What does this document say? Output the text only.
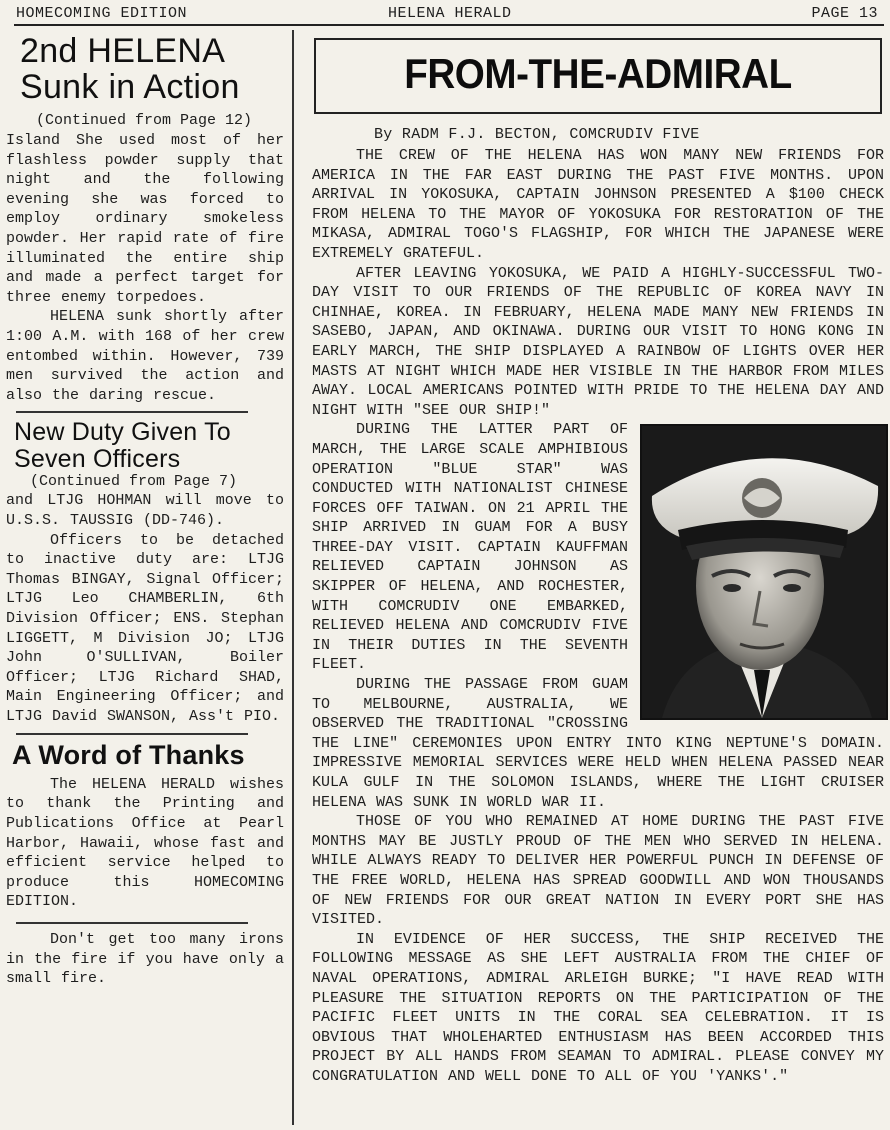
HOMECOMING EDITION	HELENA HERALD	PAGE 13
2nd HELENA
Sunk in Action
(Continued from Page 12)

Island She used most of her flashless powder supply that night and the following evening she was forced to employ ordinary smokeless powder. Her rapid rate of fire illuminated the entire ship and made a perfect target for three enemy torpedoes.

HELENA sunk shortly after 1:00 A.M. with 168 of her crew entombed within. However, 739 men survived the action and also the daring rescue.

New Duty Given To
Seven Officers
(Continued from Page 7)

and LTJG HOHMAN will move to U.S.S. TAUSSIG (DD-746).

Officers to be detached to inactive duty are: LTJG Thomas BINGAY, Signal Officer; LTJG Leo CHAMBERLIN, 6th Division Officer; ENS. Stephan LIGGETT, M Division JO; LTJG John O'SULLIVAN, Boiler Officer; LTJG Richard SHAD, Main Engineering Officer; and LTJG David SWANSON, Ass't PIO.

A Word of Thanks

The HELENA HERALD wishes to thank the Printing and Publications Office at Pearl Harbor, Hawaii, whose fast and efficient service helped to produce this HOMECOMING EDITION.

Don't get too many irons in the fire if you have only a small fire.

FROM-THE-ADMIRAL
By RADM F.J. BECTON, COMCRUDIV FIVE

THE CREW OF THE HELENA HAS WON MANY NEW FRIENDS FOR AMERICA IN THE FAR EAST DURING THE PAST FIVE MONTHS. UPON ARRIVAL IN YOKOSUKA, CAPTAIN JOHNSON PRESENTED A $100 CHECK FROM HELENA TO THE MAYOR OF YOKOSUKA FOR RESTORATION OF THE MIKASA, ADMIRAL TOGO'S FLAGSHIP, FOR WHICH THE JAPANESE WERE EXTREMELY GRATEFUL.

AFTER LEAVING YOKOSUKA, WE PAID A HIGHLY-SUCCESSFUL TWO-DAY VISIT TO OUR FRIENDS OF THE REPUBLIC OF KOREA NAVY IN CHINHAE, KOREA. IN FEBRUARY, HELENA MADE MANY NEW FRIENDS IN SASEBO, JAPAN, AND OKINAWA. DURING OUR VISIT TO HONG KONG IN EARLY MARCH, THE SHIP DISPLAYED A RAINBOW OF LIGHTS OVER HER MASTS AT NIGHT WHICH MADE HER VISIBLE IN THE HARBOR FROM MILES AWAY. LOCAL AMERICANS POINTED WITH PRIDE TO THE HELENA DAY AND NIGHT WITH "SEE OUR SHIP!"

DURING THE LATTER PART OF MARCH, THE LARGE SCALE AMPHIBIOUS OPERATION "BLUE STAR" WAS CONDUCTED WITH NATIONALIST CHINESE FORCES OFF TAIWAN. ON 21 APRIL THE SHIP ARRIVED IN GUAM FOR A BUSY THREE-DAY VISIT. CAPTAIN KAUFFMAN RELIEVED CAPTAIN JOHNSON AS SKIPPER OF HELENA, AND ROCHESTER, WITH COMCRUDIV ONE EMBARKED, RELIEVED HELENA AND COMCRUDIV FIVE IN THEIR DUTIES IN THE SEVENTH FLEET.

DURING THE PASSAGE FROM GUAM TO MELBOURNE, AUSTRALIA, WE OBSERVED THE TRADITIONAL "CROSSING THE LINE" CEREMONIES UPON ENTRY INTO KING NEPTUNE'S DOMAIN. IMPRESSIVE MEMORIAL SERVICES WERE HELD WHEN HELENA PASSED NEAR KULA GULF IN THE SOLOMON ISLANDS, WHERE THE LIGHT CRUISER HELENA WAS SUNK IN WORLD WAR II.

THOSE OF YOU WHO REMAINED AT HOME DURING THE PAST FIVE MONTHS MAY BE JUSTLY PROUD OF THE MEN WHO SERVED IN HELENA. WHILE ALWAYS READY TO DELIVER HER POWERFUL PUNCH IN DEFENSE OF THE FREE WORLD, HELENA HAS SPREAD GOODWILL AND WON THOUSANDS OF NEW FRIENDS FOR OUR GREAT NATION IN EVERY PORT SHE HAS VISITED.

IN EVIDENCE OF HER SUCCESS, THE SHIP RECEIVED THE FOLLOWING MESSAGE AS SHE LEFT AUSTRALIA FROM THE CHIEF OF NAVAL OPERATIONS, ADMIRAL ARLEIGH BURKE; "I HAVE READ WITH PLEASURE THE SITUATION REPORTS ON THE PARTICIPATION OF THE PACIFIC FLEET UNITS IN THE CORAL SEA CELEBRATION. IT IS OBVIOUS THAT WHOLEHARTED ENTHUSIASM HAS BEEN ACCORDED THIS PROJECT BY ALL HANDS FROM SEAMAN TO ADMIRAL. PLEASE CONVEY MY CONGRATULATION AND WELL DONE TO ALL OF YOU 'YANKS'."
